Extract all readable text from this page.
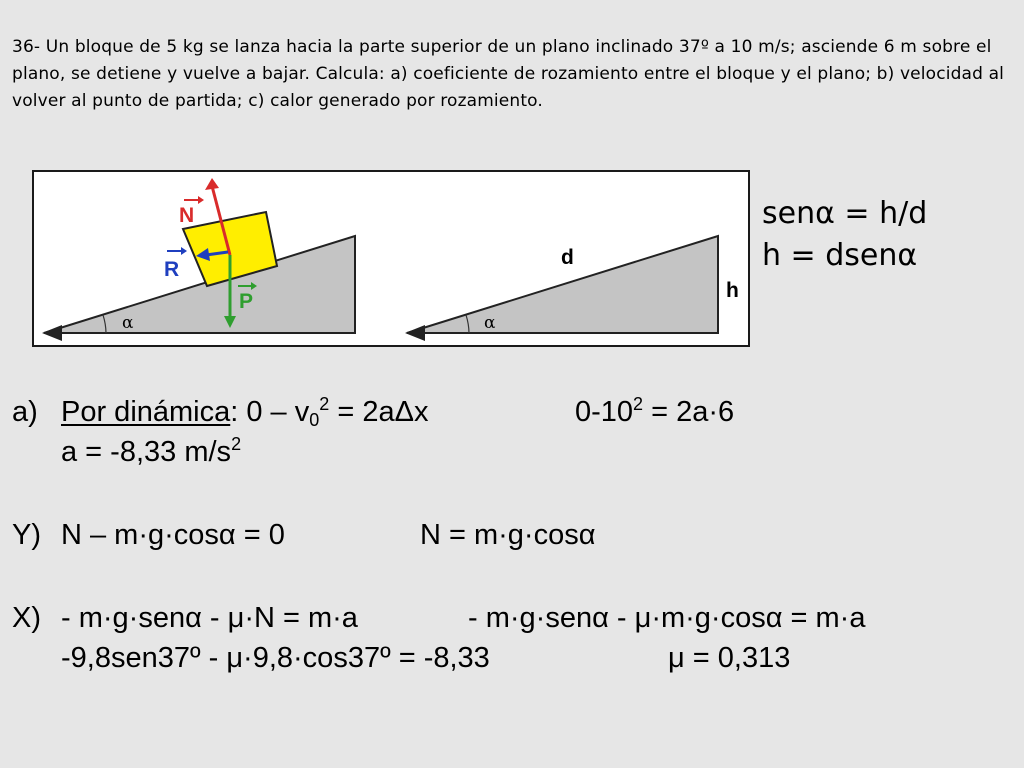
36- Un bloque de 5 kg se lanza hacia la parte superior de un plano inclinado 37º a 10 m/s; asciende 6 m sobre el plano, se detiene y vuelve a bajar. Calcula: a) coeficiente de rozamiento entre el bloque y el plano; b) velocidad al volver al punto de partida; c) calor generado por rozamiento.

α
N
R
P
α
d
h
senα = h/d
h = dsenα
a) Por dinámica: $0 - v_0^2 = 2a\Delta x$	$0-10^2 = 2a\cdot 6$
a = -8,33 $m/s^2$
Y) N – m·g·cosα = 0	N = m·g·cosα
X) - m·g·senα - μ·N = m·a	- m·g·senα - μ·m·g·cosα = m·a
-9,8sen37º - μ·9,8·cos37º = -8,33	μ = 0,313
